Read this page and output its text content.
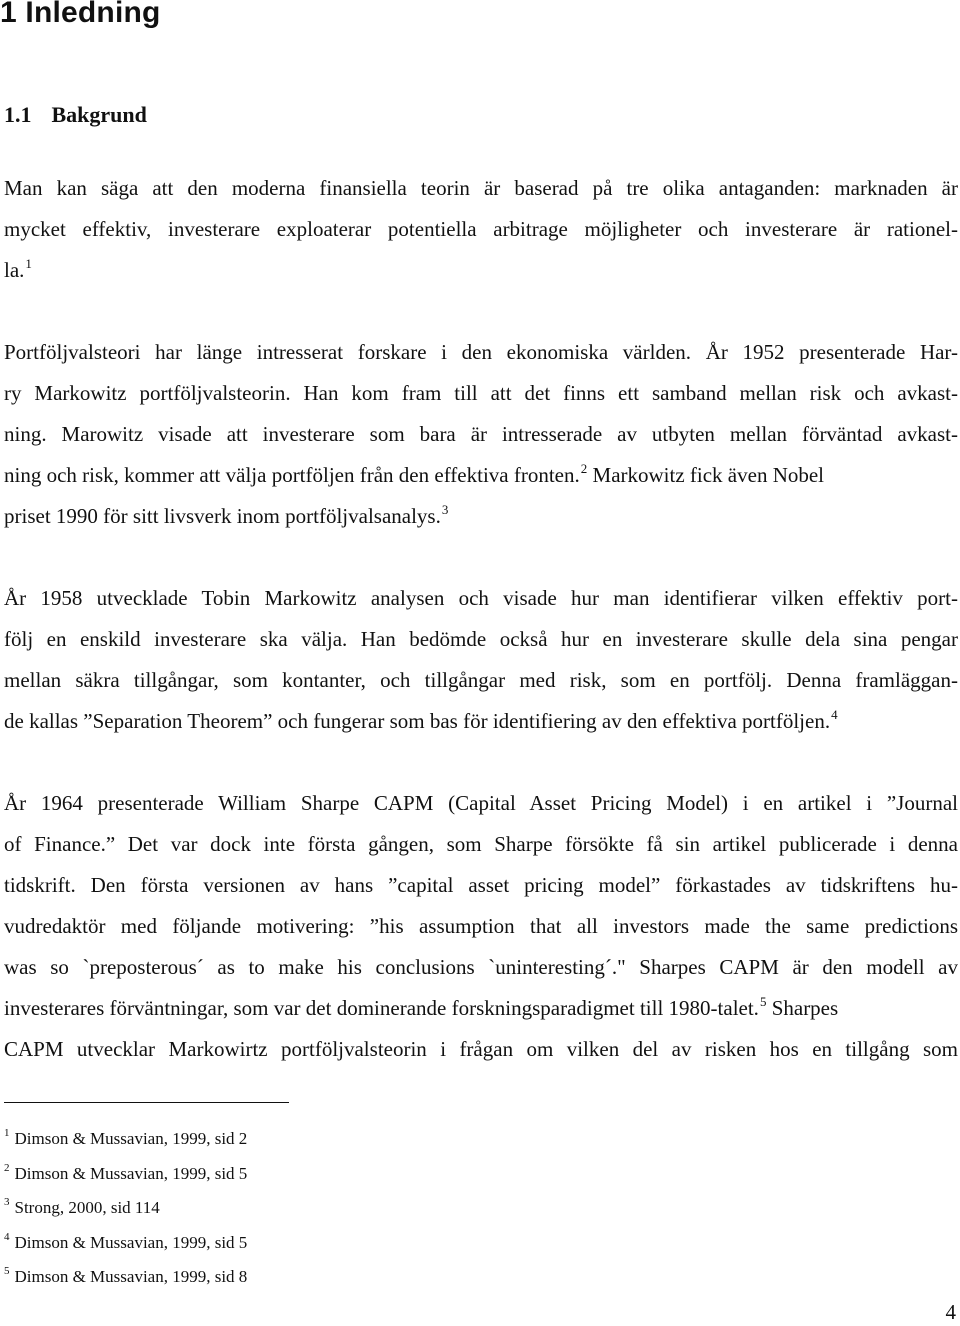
1 Inledning
1.1 Bakgrund
Man kan säga att den moderna finansiella teorin är baserad på tre olika antaganden: marknaden är
mycket effektiv, investerare exploaterar potentiella arbitrage möjligheter och investerare är rationel-
la.$^1$
Portföljvalsteori har länge intresserat forskare i den ekonomiska världen. År 1952 presenterade Har-
ry Markowitz portföljvalsteorin. Han kom fram till att det finns ett samband mellan risk och avkast-
ning. Marowitz visade att investerare som bara är intresserade av utbyten mellan förväntad avkast-
ning och risk, kommer att välja portföljen från den effektiva fronten.$^2$ Markowitz fick även Nobel
priset 1990 för sitt livsverk inom portföljvalsanalys.$^3$
År 1958 utvecklade Tobin Markowitz analysen och visade hur man identifierar vilken effektiv port-
följ en enskild investerare ska välja. Han bedömde också hur en investerare skulle dela sina pengar
mellan säkra tillgångar, som kontanter, och tillgångar med risk, som en portfölj. Denna framläggan-
de kallas ”Separation Theorem” och fungerar som bas för identifiering av den effektiva portföljen.$^4$
År 1964 presenterade William Sharpe CAPM (Capital Asset Pricing Model) i en artikel i ”Journal
of Finance.” Det var dock inte första gången, som Sharpe försökte få sin artikel publicerade i denna
tidskrift. Den första versionen av hans ”capital asset pricing model” förkastades av tidskriftens hu-
vudredaktör med följande motivering: ”his assumption that all investors made the same predictions
was so `preposterous´ as to make his conclusions `uninteresting´." Sharpes CAPM är den modell av
investerares förväntningar, som var det dominerande forskningsparadigmet till 1980-talet.$^5$ Sharpes
CAPM utvecklar Markowirtz portföljvalsteorin i frågan om vilken del av risken hos en tillgång som
$^1$ Dimson & Mussavian, 1999, sid 2
$^2$ Dimson & Mussavian, 1999, sid 5
$^3$ Strong, 2000, sid 114
$^4$ Dimson & Mussavian, 1999, sid 5
$^5$ Dimson & Mussavian, 1999, sid 8
4
